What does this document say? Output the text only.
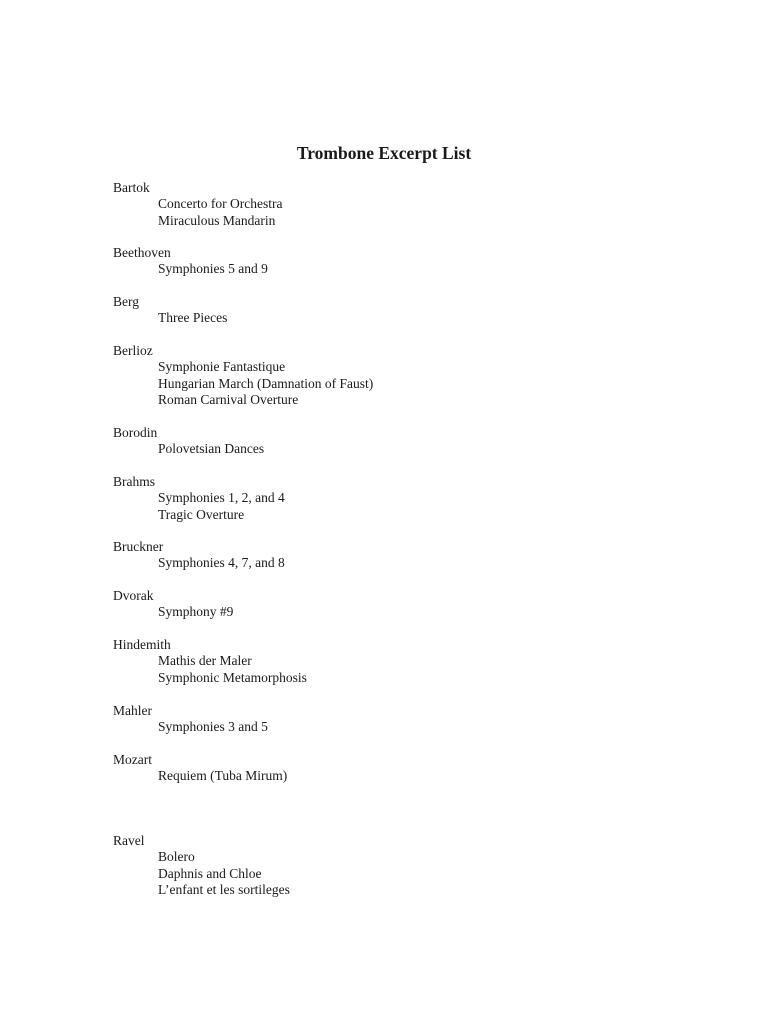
Trombone Excerpt List
Bartok
Concerto for Orchestra
Miraculous Mandarin
Beethoven
Symphonies 5 and 9
Berg
Three Pieces
Berlioz
Symphonie Fantastique
Hungarian March (Damnation of Faust)
Roman Carnival Overture
Borodin
Polovetsian Dances
Brahms
Symphonies 1, 2, and 4
Tragic Overture
Bruckner
Symphonies 4, 7, and 8
Dvorak
Symphony #9
Hindemith
Mathis der Maler
Symphonic Metamorphosis
Mahler
Symphonies 3 and 5
Mozart
Requiem (Tuba Mirum)
Ravel
Bolero
Daphnis and Chloe
L’enfant et les sortileges
